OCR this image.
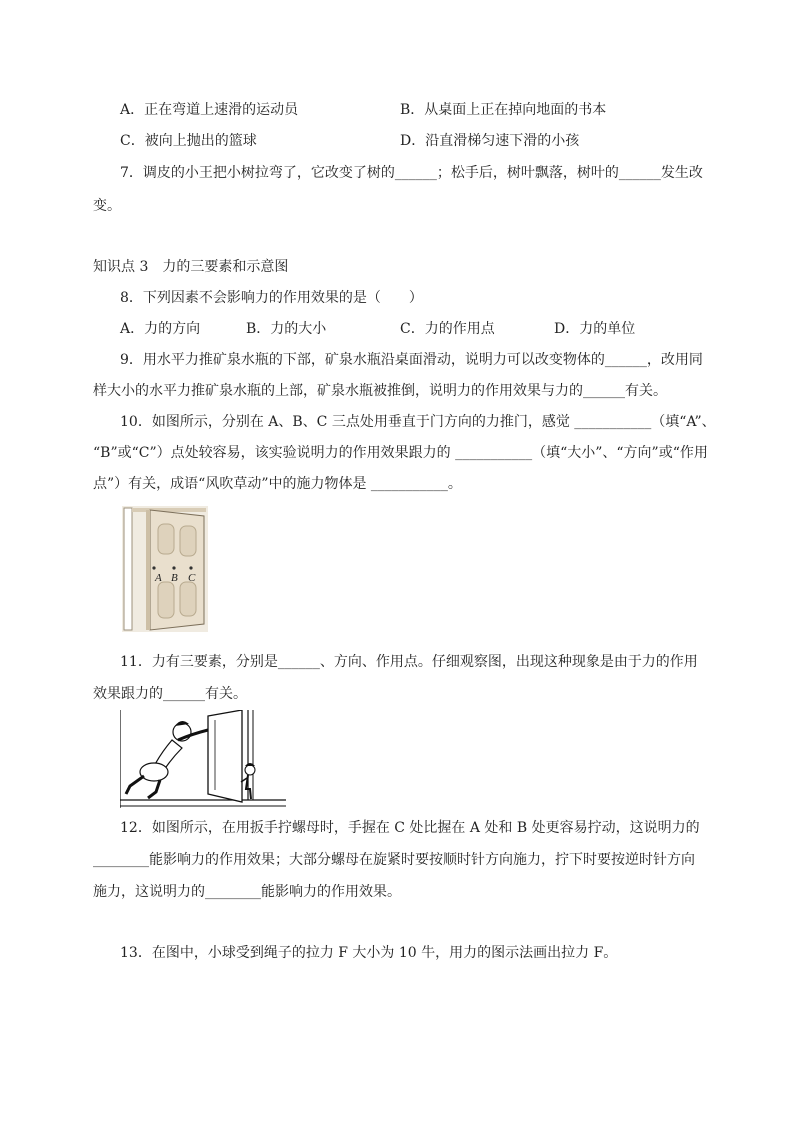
A．正在弯道上速滑的运动员	B．从桌面上正在掉向地面的书本
C．被向上抛出的篮球	D．沿直滑梯匀速下滑的小孩
7．调皮的小王把小树拉弯了，它改变了树的______；松手后，树叶飘落，树叶的______发生改
变。
知识点 3　力的三要素和示意图
8．下列因素不会影响力的作用效果的是（　　）
A．力的方向	B．力的大小	C．力的作用点	D．力的单位
9．用水平力推矿泉水瓶的下部，矿泉水瓶沿桌面滑动，说明力可以改变物体的______，改用同
样大小的水平力推矿泉水瓶的上部，矿泉水瓶被推倒，说明力的作用效果与力的______有关。
10．如图所示，分别在 A、B、C 三点处用垂直于门方向的力推门，感觉 ___________（填“A”、
“B”或“C”）点处较容易，该实验说明力的作用效果跟力的 ___________（填“大小”、“方向”或“作用
点”）有关，成语“风吹草动”中的施力物体是 ___________。
A B C
11．力有三要素，分别是______、方向、作用点。仔细观察图，出现这种现象是由于力的作用
效果跟力的______有关。
12．如图所示，在用扳手拧螺母时，手握在 C 处比握在 A 处和 B 处更容易拧动，这说明力的
________能影响力的作用效果；大部分螺母在旋紧时要按顺时针方向施力，拧下时要按逆时针方向
施力，这说明力的________能影响力的作用效果。
13．在图中，小球受到绳子的拉力 F 大小为 10 牛，用力的图示法画出拉力 F。
